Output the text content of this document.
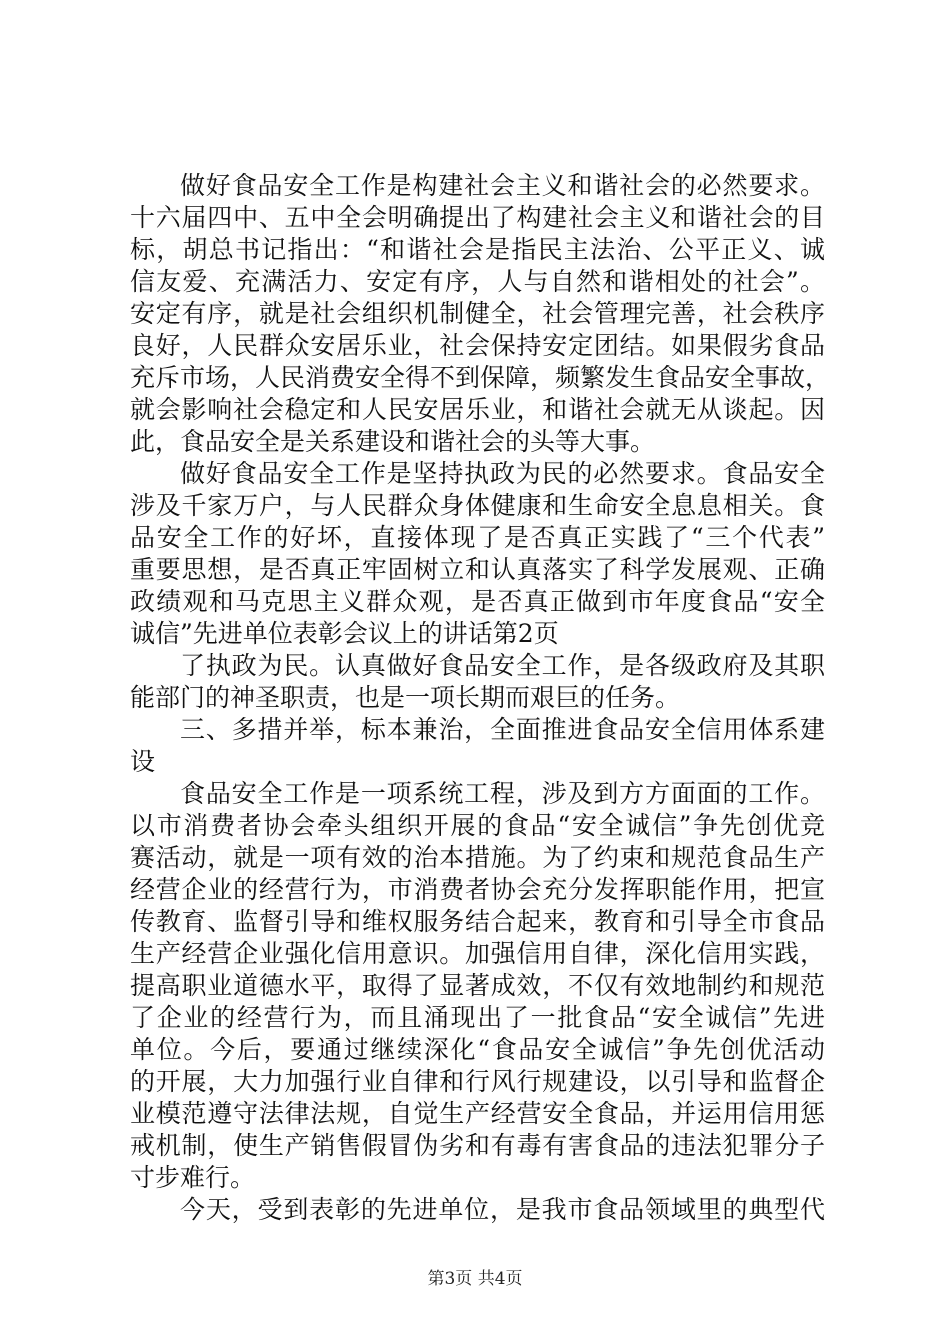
做好食品安全工作是构建社会主义和谐社会的必然要求。
十六届四中、五中全会明确提出了构建社会主义和谐社会的目
标，胡总书记指出：“和谐社会是指民主法治、公平正义、诚
信友爱、充满活力、安定有序，人与自然和谐相处的社会”。
安定有序，就是社会组织机制健全，社会管理完善，社会秩序
良好，人民群众安居乐业，社会保持安定团结。如果假劣食品
充斥市场，人民消费安全得不到保障，频繁发生食品安全事故，
就会影响社会稳定和人民安居乐业，和谐社会就无从谈起。因
此，食品安全是关系建设和谐社会的头等大事。
做好食品安全工作是坚持执政为民的必然要求。食品安全
涉及千家万户，与人民群众身体健康和生命安全息息相关。食
品安全工作的好坏，直接体现了是否真正实践了“三个代表”
重要思想，是否真正牢固树立和认真落实了科学发展观、正确
政绩观和马克思主义群众观，是否真正做到市年度食品“安全
诚信”先进单位表彰会议上的讲话第2页
了执政为民。认真做好食品安全工作，是各级政府及其职
能部门的神圣职责，也是一项长期而艰巨的任务。
三、多措并举，标本兼治，全面推进食品安全信用体系建
设
食品安全工作是一项系统工程，涉及到方方面面的工作。
以市消费者协会牵头组织开展的食品“安全诚信”争先创优竞
赛活动，就是一项有效的治本措施。为了约束和规范食品生产
经营企业的经营行为，市消费者协会充分发挥职能作用，把宣
传教育、监督引导和维权服务结合起来，教育和引导全市食品
生产经营企业强化信用意识。加强信用自律，深化信用实践，
提高职业道德水平，取得了显著成效，不仅有效地制约和规范
了企业的经营行为，而且涌现出了一批食品“安全诚信”先进
单位。今后，要通过继续深化“食品安全诚信”争先创优活动
的开展，大力加强行业自律和行风行规建设，以引导和监督企
业模范遵守法律法规，自觉生产经营安全食品，并运用信用惩
戒机制，使生产销售假冒伪劣和有毒有害食品的违法犯罪分子
寸步难行。
今天，受到表彰的先进单位，是我市食品领域里的典型代
第3页 共4页
